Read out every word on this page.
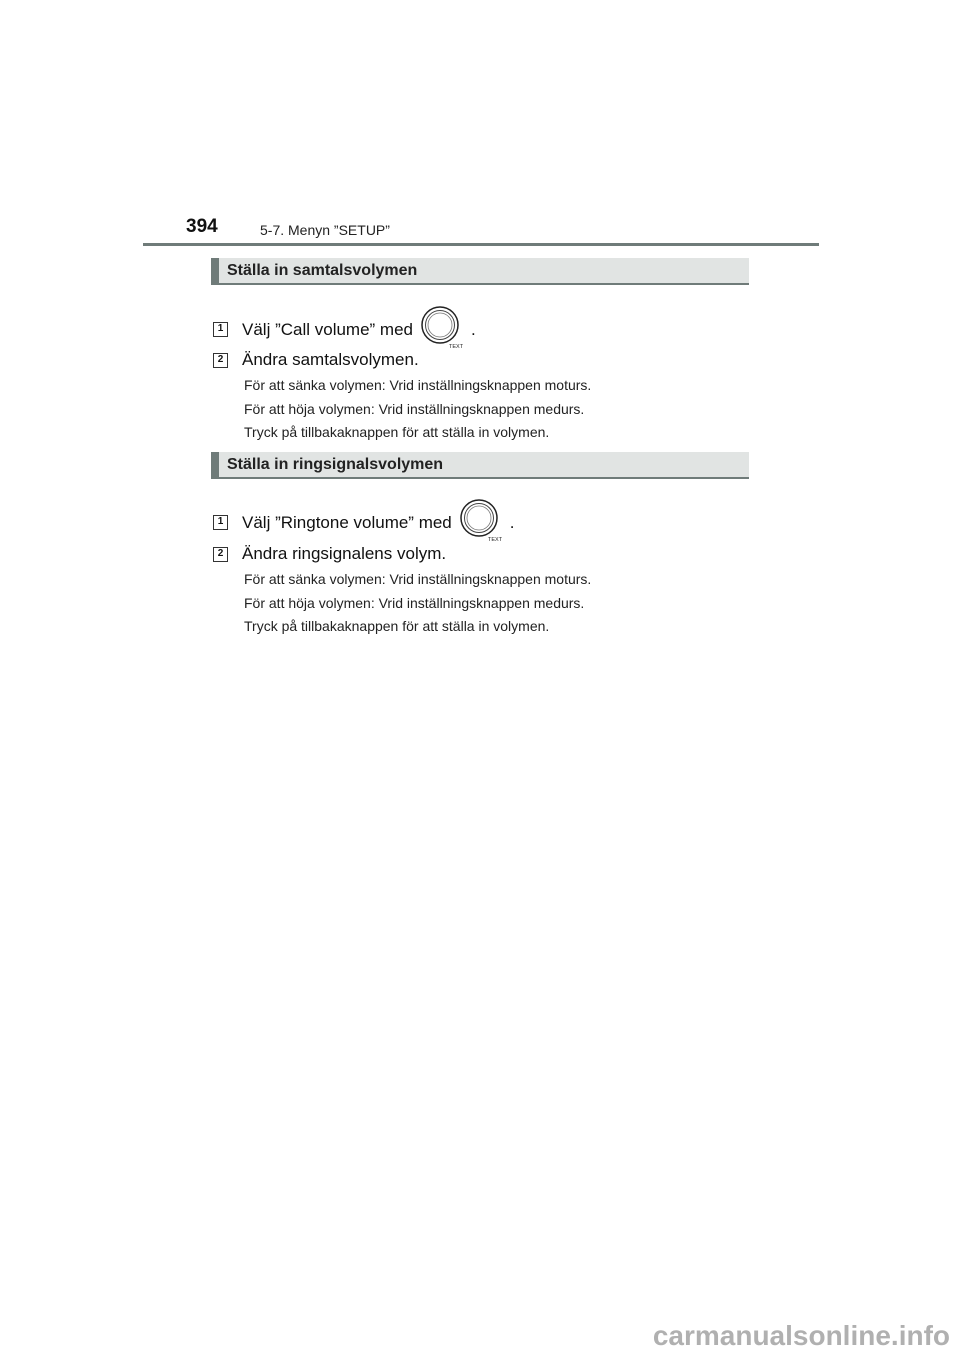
394	5-7. Menyn ”SETUP”
Ställa in samtalsvolymen
1 Välj ”Call volume” med
TEXT
.
2 Ändra samtalsvolymen.
För att sänka volymen: Vrid inställningsknappen moturs.
För att höja volymen: Vrid inställningsknappen medurs.
Tryck på tillbakaknappen för att ställa in volymen.
Ställa in ringsignalsvolymen
1 Välj ”Ringtone volume” med
TEXT
.
2 Ändra ringsignalens volym.
För att sänka volymen: Vrid inställningsknappen moturs.
För att höja volymen: Vrid inställningsknappen medurs.
Tryck på tillbakaknappen för att ställa in volymen.
carmanualsonline.info
